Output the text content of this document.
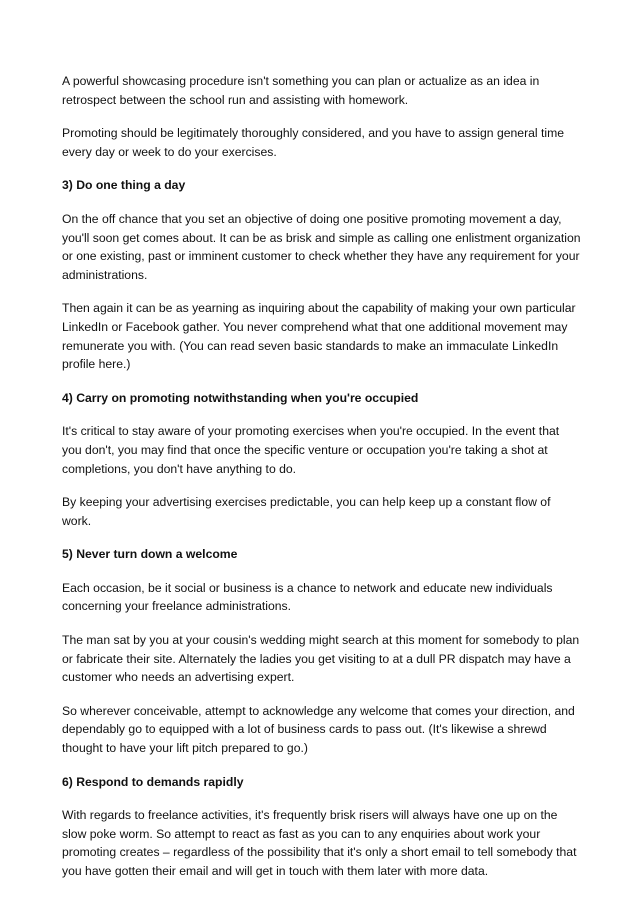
A powerful showcasing procedure isn't something you can plan or actualize as an idea in retrospect between the school run and assisting with homework.

Promoting should be legitimately thoroughly considered, and you have to assign general time every day or week to do your exercises.

3) Do one thing a day

On the off chance that you set an objective of doing one positive promoting movement a day, you'll soon get comes about. It can be as brisk and simple as calling one enlistment organization or one existing, past or imminent customer to check whether they have any requirement for your administrations.

Then again it can be as yearning as inquiring about the capability of making your own particular LinkedIn or Facebook gather. You never comprehend what that one additional movement may remunerate you with. (You can read seven basic standards to make an immaculate LinkedIn profile here.)

4) Carry on promoting notwithstanding when you're occupied

It's critical to stay aware of your promoting exercises when you're occupied. In the event that you don't, you may find that once the specific venture or occupation you're taking a shot at completions, you don't have anything to do.

By keeping your advertising exercises predictable, you can help keep up a constant flow of work.

5) Never turn down a welcome

Each occasion, be it social or business is a chance to network and educate new individuals concerning your freelance administrations.

The man sat by you at your cousin's wedding might search at this moment for somebody to plan or fabricate their site. Alternately the ladies you get visiting to at a dull PR dispatch may have a customer who needs an advertising expert.

So wherever conceivable, attempt to acknowledge any welcome that comes your direction, and dependably go to equipped with a lot of business cards to pass out. (It's likewise a shrewd thought to have your lift pitch prepared to go.)

6) Respond to demands rapidly

With regards to freelance activities, it's frequently brisk risers will always have one up on the slow poke worm. So attempt to react as fast as you can to any enquiries about work your promoting creates – regardless of the possibility that it's only a short email to tell somebody that you have gotten their email and will get in touch with them later with more data.
